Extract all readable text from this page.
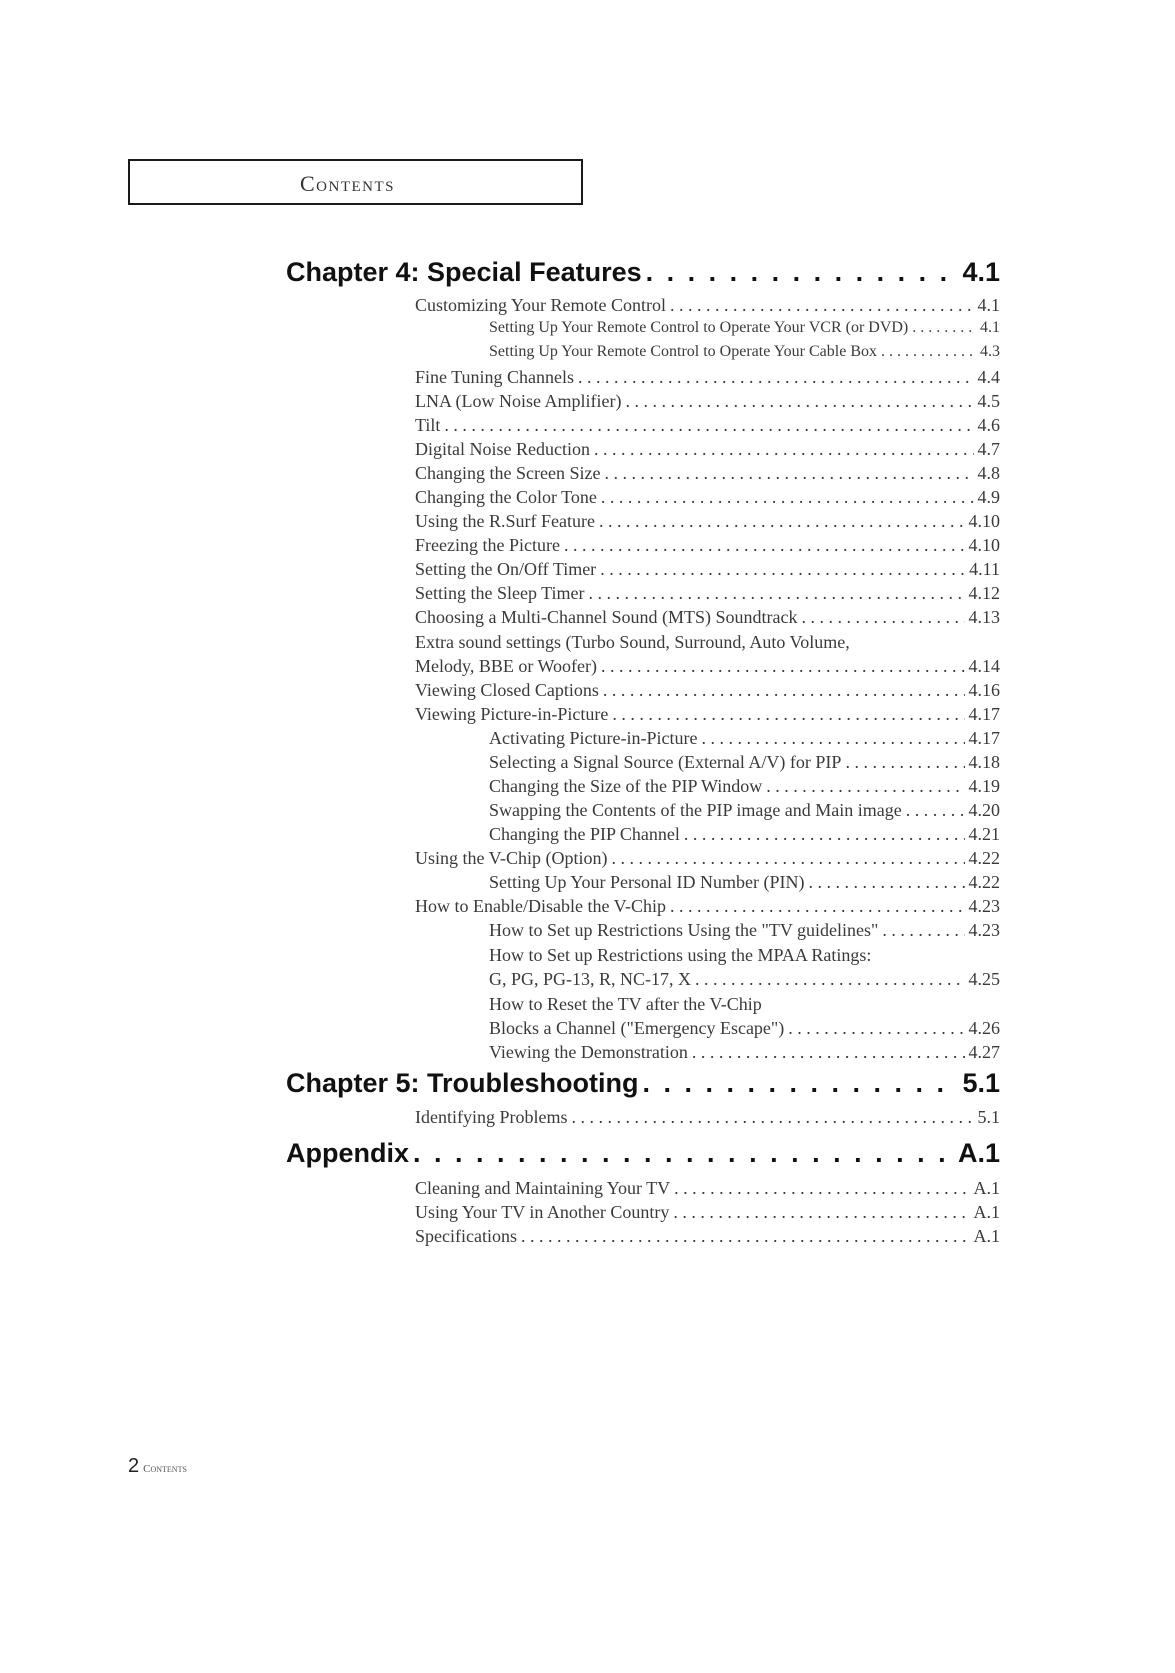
Contents
Chapter 4: Special Features . . .	4.1
Customizing Your Remote Control . . .	4.1
Setting Up Your Remote Control to Operate Your VCR (or DVD) . . .	4.1
Setting Up Your Remote Control to Operate Your Cable Box . . .	4.3
Fine Tuning Channels . . .	4.4
LNA (Low Noise Amplifier) . . .	4.5
Tilt . . .	4.6
Digital Noise Reduction . . .	4.7
Changing the Screen Size . . .	4.8
Changing the Color Tone . . .	4.9
Using the R.Surf Feature . . .	4.10
Freezing the Picture . . .	4.10
Setting the On/Off Timer . . .	4.11
Setting the Sleep Timer . . .	4.12
Choosing a Multi-Channel Sound (MTS) Soundtrack . . .	4.13
Extra sound settings (Turbo Sound, Surround, Auto Volume,
Melody, BBE or Woofer) . . .	4.14
Viewing Closed Captions . . .	4.16
Viewing Picture-in-Picture . . .	4.17
Activating Picture-in-Picture . . .	4.17
Selecting a Signal Source (External A/V) for PIP . . .	4.18
Changing the Size of the PIP Window . . .	4.19
Swapping the Contents of the PIP image and Main image . . .	4.20
Changing the PIP Channel . . .	4.21
Using the V-Chip (Option) . . .	4.22
Setting Up Your Personal ID Number (PIN) . . .	4.22
How to Enable/Disable the V-Chip . . .	4.23
How to Set up Restrictions Using the "TV guidelines" . . .	4.23
How to Set up Restrictions using the MPAA Ratings:
G, PG, PG-13, R, NC-17, X . . .	4.25
How to Reset the TV after the V-Chip
Blocks a Channel ("Emergency Escape") . . .	4.26
Viewing the Demonstration . . .	4.27
Chapter 5: Troubleshooting . . .	5.1
Identifying Problems . . .	5.1
Appendix . . .	A.1
Cleaning and Maintaining Your TV . . .	A.1
Using Your TV in Another Country . . .	A.1
Specifications . . .	A.1
2 Contents
